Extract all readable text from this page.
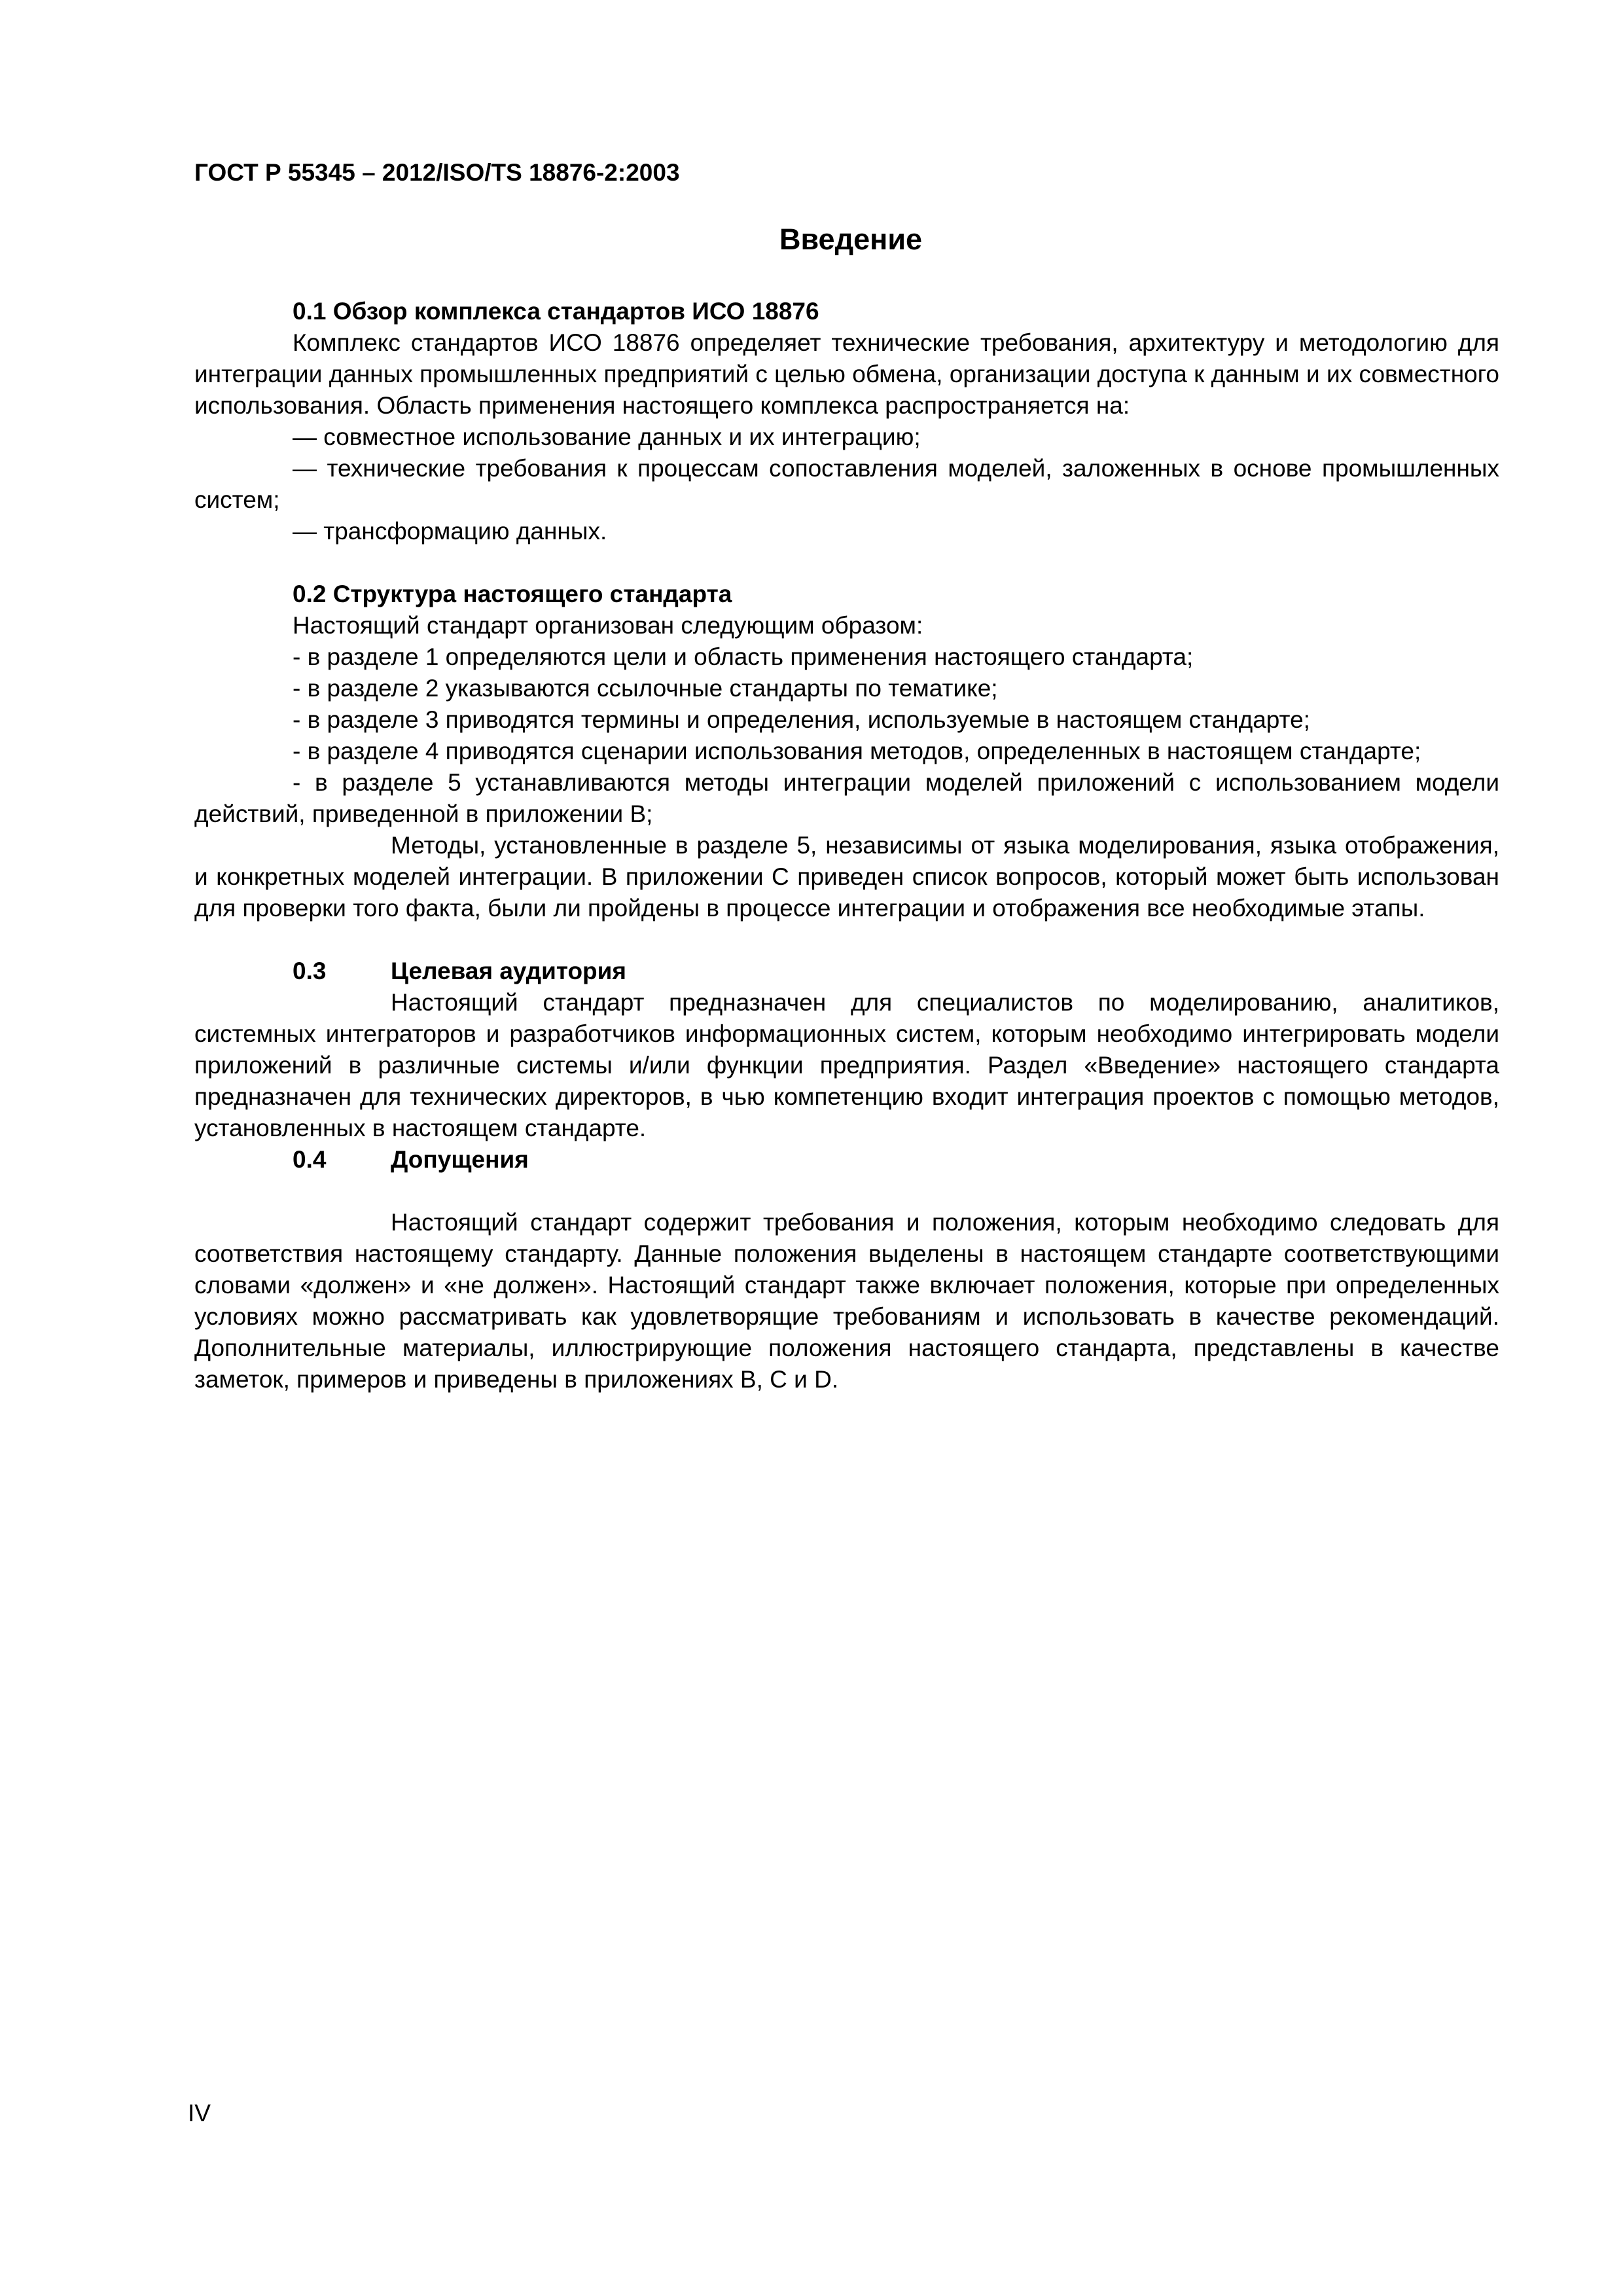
ГОСТ Р 55345 – 2012/ISO/TS 18876-2:2003
Введение

0.1 Обзор комплекса стандартов ИСО 18876

Комплекс стандартов ИСО 18876 определяет технические требования, архитектуру и методологию для интеграции данных промышленных предприятий с целью обмена, организации доступа к данным и их совместного использования. Область применения настоящего комплекса распространяется на:

— совместное использование данных и их интеграцию;

— технические требования к процессам сопоставления моделей, заложенных в основе промышленных систем;

— трансформацию данных.

0.2 Структура настоящего стандарта

Настоящий стандарт организован следующим образом:

- в разделе 1 определяются цели и область применения настоящего стандарта;

- в разделе 2 указываются ссылочные стандарты по тематике;

- в разделе 3 приводятся термины и определения, используемые в настоящем стандарте;

- в разделе 4 приводятся сценарии использования методов, определенных в настоящем стандарте;

- в разделе 5 устанавливаются методы интеграции моделей приложений с использованием модели действий, приведенной в приложении В;

Методы, установленные в разделе 5, независимы от языка моделирования, языка отображения, и конкретных моделей интеграции. В приложении С приведен список вопросов, который может быть использован для проверки того факта, были ли пройдены в процессе интеграции и отображения все необходимые этапы.

0.3	Целевая аудитория

Настоящий стандарт предназначен для специалистов по моделированию, аналитиков, системных интеграторов и разработчиков информационных систем, которым необходимо интегрировать модели приложений в различные системы и/или функции предприятия. Раздел «Введение» настоящего стандарта предназначен для технических директоров, в чью компетенцию входит интеграция проектов с помощью методов, установленных в настоящем стандарте.

0.4	Допущения

Настоящий стандарт содержит требования и положения, которым необходимо следовать для соответствия настоящему стандарту. Данные положения выделены в настоящем стандарте соответствующими словами «должен» и «не должен». Настоящий стандарт также включает положения, которые при определенных условиях можно рассматривать как удовлетворящие требованиям и использовать в качестве рекомендаций. Дополнительные материалы, иллюстрирующие положения настоящего стандарта, представлены в качестве заметок, примеров и приведены в приложениях В, С и D.

IV
